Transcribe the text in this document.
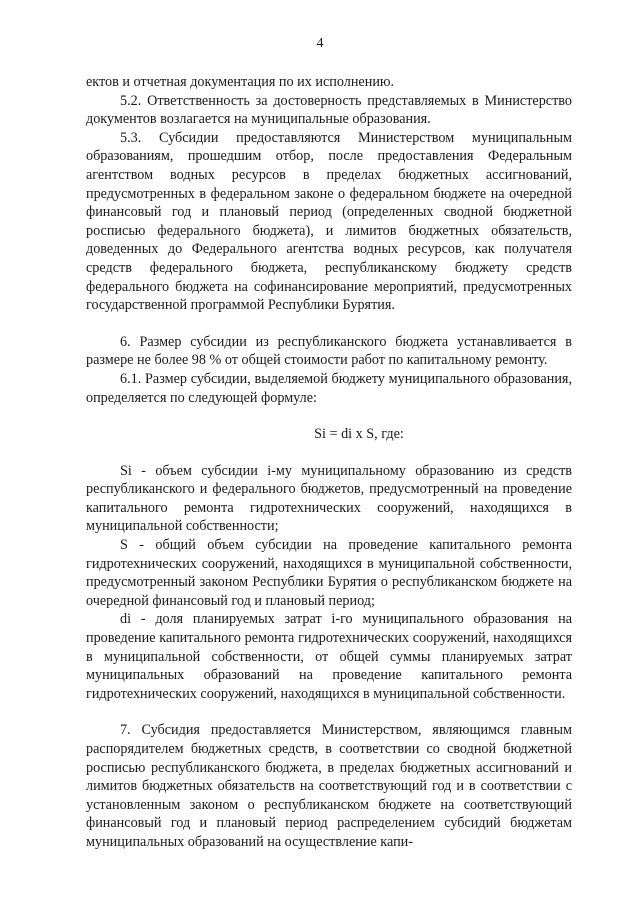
4

ектов и отчетная документация по их исполнению.

5.2. Ответственность за достоверность представляемых в Министерство документов возлагается на муниципальные образования.

5.3. Субсидии предоставляются Министерством муниципальным образованиям, прошедшим отбор, после предоставления Федеральным агентством водных ресурсов в пределах бюджетных ассигнований, предусмотренных в федеральном законе о федеральном бюджете на очередной финансовый год и плановый период (определенных сводной бюджетной росписью федерального бюджета), и лимитов бюджетных обязательств, доведенных до Федерального агентства водных ресурсов, как получателя средств федерального бюджета, республиканскому бюджету средств федерального бюджета на софинансирование мероприятий, предусмотренных государственной программой Республики Бурятия.

6. Размер субсидии из республиканского бюджета устанавливается в размере не более 98 % от общей стоимости работ по капитальному ремонту.

6.1. Размер субсидии, выделяемой бюджету муниципального образования, определяется по следующей формуле:

Si = di x S, где:

Si - объем субсидии i-му муниципальному образованию из средств республиканского и федерального бюджетов, предусмотренный на проведение капитального ремонта гидротехнических сооружений, находящихся в муниципальной собственности;

S - общий объем субсидии на проведение капитального ремонта гидротехнических сооружений, находящихся в муниципальной собственности, предусмотренный законом Республики Бурятия о республиканском бюджете на очередной финансовый год и плановый период;

di - доля планируемых затрат i-го муниципального образования на проведение капитального ремонта гидротехнических сооружений, находящихся в муниципальной собственности, от общей суммы планируемых затрат муниципальных образований на проведение капитального ремонта гидротехнических сооружений, находящихся в муниципальной собственности.

7. Субсидия предоставляется Министерством, являющимся главным распорядителем бюджетных средств, в соответствии со сводной бюджетной росписью республиканского бюджета, в пределах бюджетных ассигнований и лимитов бюджетных обязательств на соответствующий год и в соответствии с установленным законом о республиканском бюджете на соответствующий финансовый год и плановый период распределением субсидий бюджетам муниципальных образований на осуществление капи-
